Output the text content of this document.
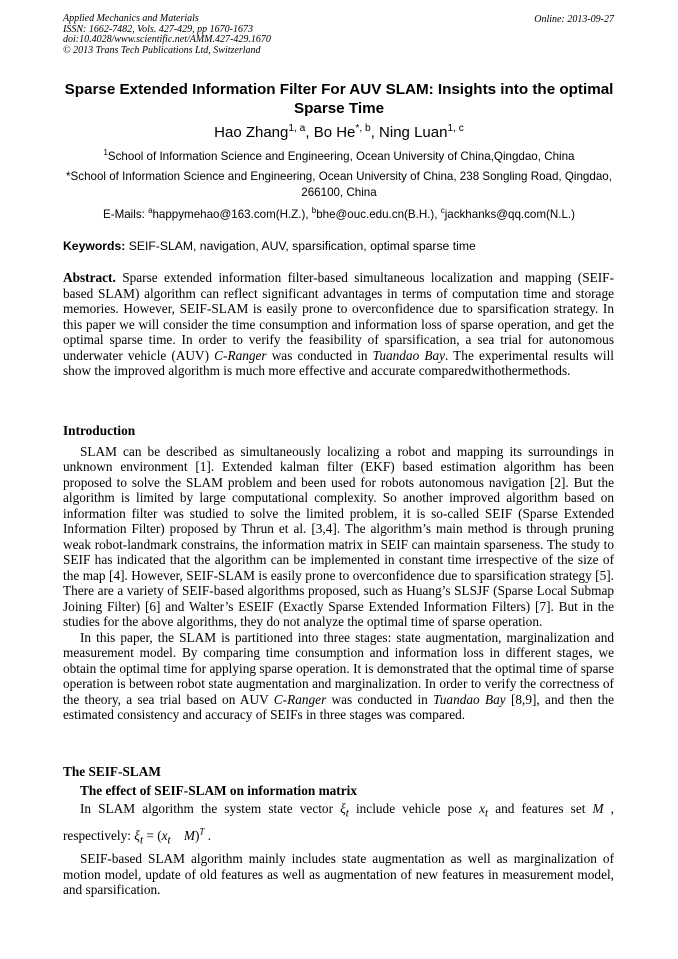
Applied Mechanics and Materials
ISSN: 1662-7482, Vols. 427-429, pp 1670-1673
doi:10.4028/www.scientific.net/AMM.427-429.1670
© 2013 Trans Tech Publications Ltd, Switzerland
Online: 2013-09-27
Sparse Extended Information Filter For AUV SLAM: Insights into the optimal Sparse Time
Hao Zhang$^{1, a}$, Bo $He^{*, b}$, Ning Luan$^{1, c}$
$^1$School of Information Science and Engineering, Ocean University of China,Qingdao, China
*School of Information Science and Engineering, Ocean University of China, 238 Songling Road, Qingdao, 266100, China
E-Mails: $^a$happymehao@163.com(H.Z.), $^b$bhe@ouc.edu.cn(B.H.), $^c$jackhanks@qq.com(N.L.)
Keywords: SEIF-SLAM, navigation, AUV, sparsification, optimal sparse time

Abstract. Sparse extended information filter-based simultaneous localization and mapping (SEIF-based SLAM) algorithm can reflect significant advantages in terms of computation time and storage memories. However, SEIF-SLAM is easily prone to overconfidence due to sparsification strategy. In this paper we will consider the time consumption and information loss of sparse operation, and get the optimal sparse time. In order to verify the feasibility of sparsification, a sea trial for autonomous underwater vehicle (AUV) C-Ranger was conducted in Tuandao Bay. The experimental results will show the improved algorithm is much more effective and accurate comparedwithothermethods.

Introduction

SLAM can be described as simultaneously localizing a robot and mapping its surroundings in unknown environment [1]. Extended kalman filter (EKF) based estimation algorithm has been proposed to solve the SLAM problem and been used for robots autonomous navigation [2]. But the algorithm is limited by large computational complexity. So another improved algorithm based on information filter was studied to solve the limited problem, it is so-called SEIF (Sparse Extended Information Filter) proposed by Thrun et al. [3,4]. The algorithm’s main method is through pruning weak robot-landmark constrains, the information matrix in SEIF can maintain sparseness. The study to SEIF has indicated that the algorithm can be implemented in constant time irrespective of the size of the map [4]. However, SEIF-SLAM is easily prone to overconfidence due to sparsification strategy [5]. There are a variety of SEIF-based algorithms proposed, such as Huang’s SLSJF (Sparse Local Submap Joining Filter) [6] and Walter’s ESEIF (Exactly Sparse Extended Information Filters) [7]. But in the studies for the above algorithms, they do not analyze the optimal time of sparse operation.

In this paper, the SLAM is partitioned into three stages: state augmentation, marginalization and measurement model. By comparing time consumption and information loss in different stages, we obtain the optimal time for applying sparse operation. It is demonstrated that the optimal time of sparse operation is between robot state augmentation and marginalization. In order to verify the correctness of the theory, a sea trial based on AUV C-Ranger was conducted in Tuandao Bay [8,9], and then the estimated consistency and accuracy of SEIFs in three stages was compared.

The SEIF-SLAM
The effect of SEIF-SLAM on information matrix

In SLAM algorithm the system state vector $\xi_t$ include vehicle pose $x_t$ and features set M , respectively: $\xi_t = (x_t$ M)$^T$ .

SEIF-based SLAM algorithm mainly includes state augmentation as well as marginalization of motion model, update of old features as well as augmentation of new features in measurement model, and sparsification.
